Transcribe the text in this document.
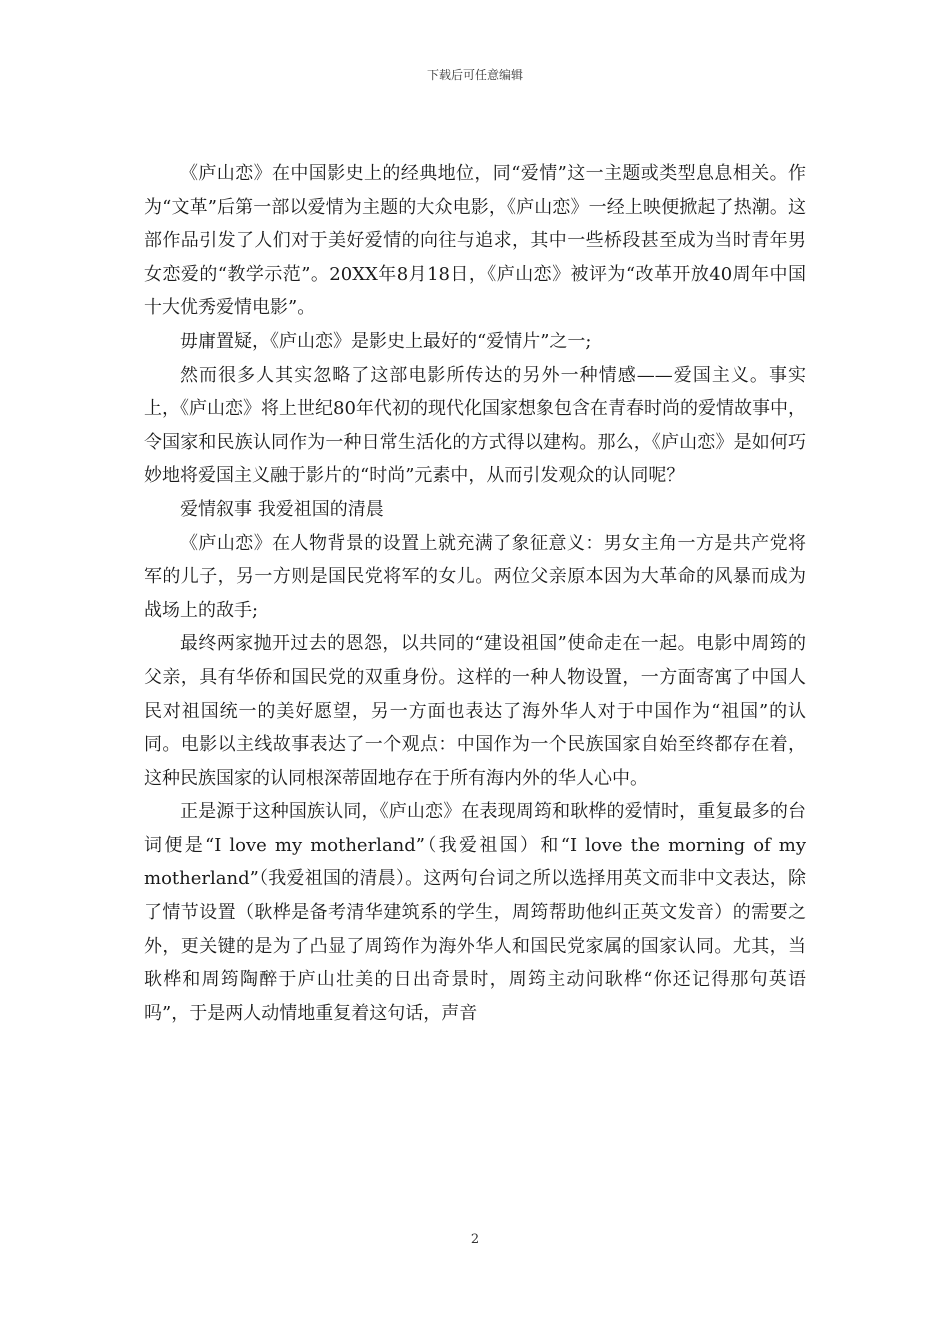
下载后可任意编辑

《庐山恋》在中国影史上的经典地位，同“爱情”这一主题或类型息息相关。作为“文革”后第一部以爱情为主题的大众电影，《庐山恋》一经上映便掀起了热潮。这部作品引发了人们对于美好爱情的向往与追求，其中一些桥段甚至成为当时青年男女恋爱的“教学示范”。20XX年8月18日，《庐山恋》被评为“改革开放40周年中国十大优秀爱情电影”。

毋庸置疑，《庐山恋》是影史上最好的“爱情片”之一;

然而很多人其实忽略了这部电影所传达的另外一种情感——爱国主义。事实上，《庐山恋》将上世纪80年代初的现代化国家想象包含在青春时尚的爱情故事中，令国家和民族认同作为一种日常生活化的方式得以建构。那么，《庐山恋》是如何巧妙地将爱国主义融于影片的“时尚”元素中，从而引发观众的认同呢？

爱情叙事 我爱祖国的清晨

《庐山恋》在人物背景的设置上就充满了象征意义：男女主角一方是共产党将军的儿子，另一方则是国民党将军的女儿。两位父亲原本因为大革命的风暴而成为战场上的敌手;

最终两家抛开过去的恩怨，以共同的“建设祖国”使命走在一起。电影中周筠的父亲，具有华侨和国民党的双重身份。这样的一种人物设置，一方面寄寓了中国人民对祖国统一的美好愿望，另一方面也表达了海外华人对于中国作为“祖国”的认同。电影以主线故事表达了一个观点：中国作为一个民族国家自始至终都存在着，这种民族国家的认同根深蒂固地存在于所有海内外的华人心中。

正是源于这种国族认同，《庐山恋》在表现周筠和耿桦的爱情时，重复最多的台词便是“I love my motherland”（我爱祖国）和“I love the morning of my motherland”（我爱祖国的清晨）。这两句台词之所以选择用英文而非中文表达，除了情节设置（耿桦是备考清华建筑系的学生，周筠帮助他纠正英文发音）的需要之外，更关键的是为了凸显了周筠作为海外华人和国民党家属的国家认同。尤其，当耿桦和周筠陶醉于庐山壮美的日出奇景时，周筠主动问耿桦“你还记得那句英语吗”，于是两人动情地重复着这句话，声音

2
